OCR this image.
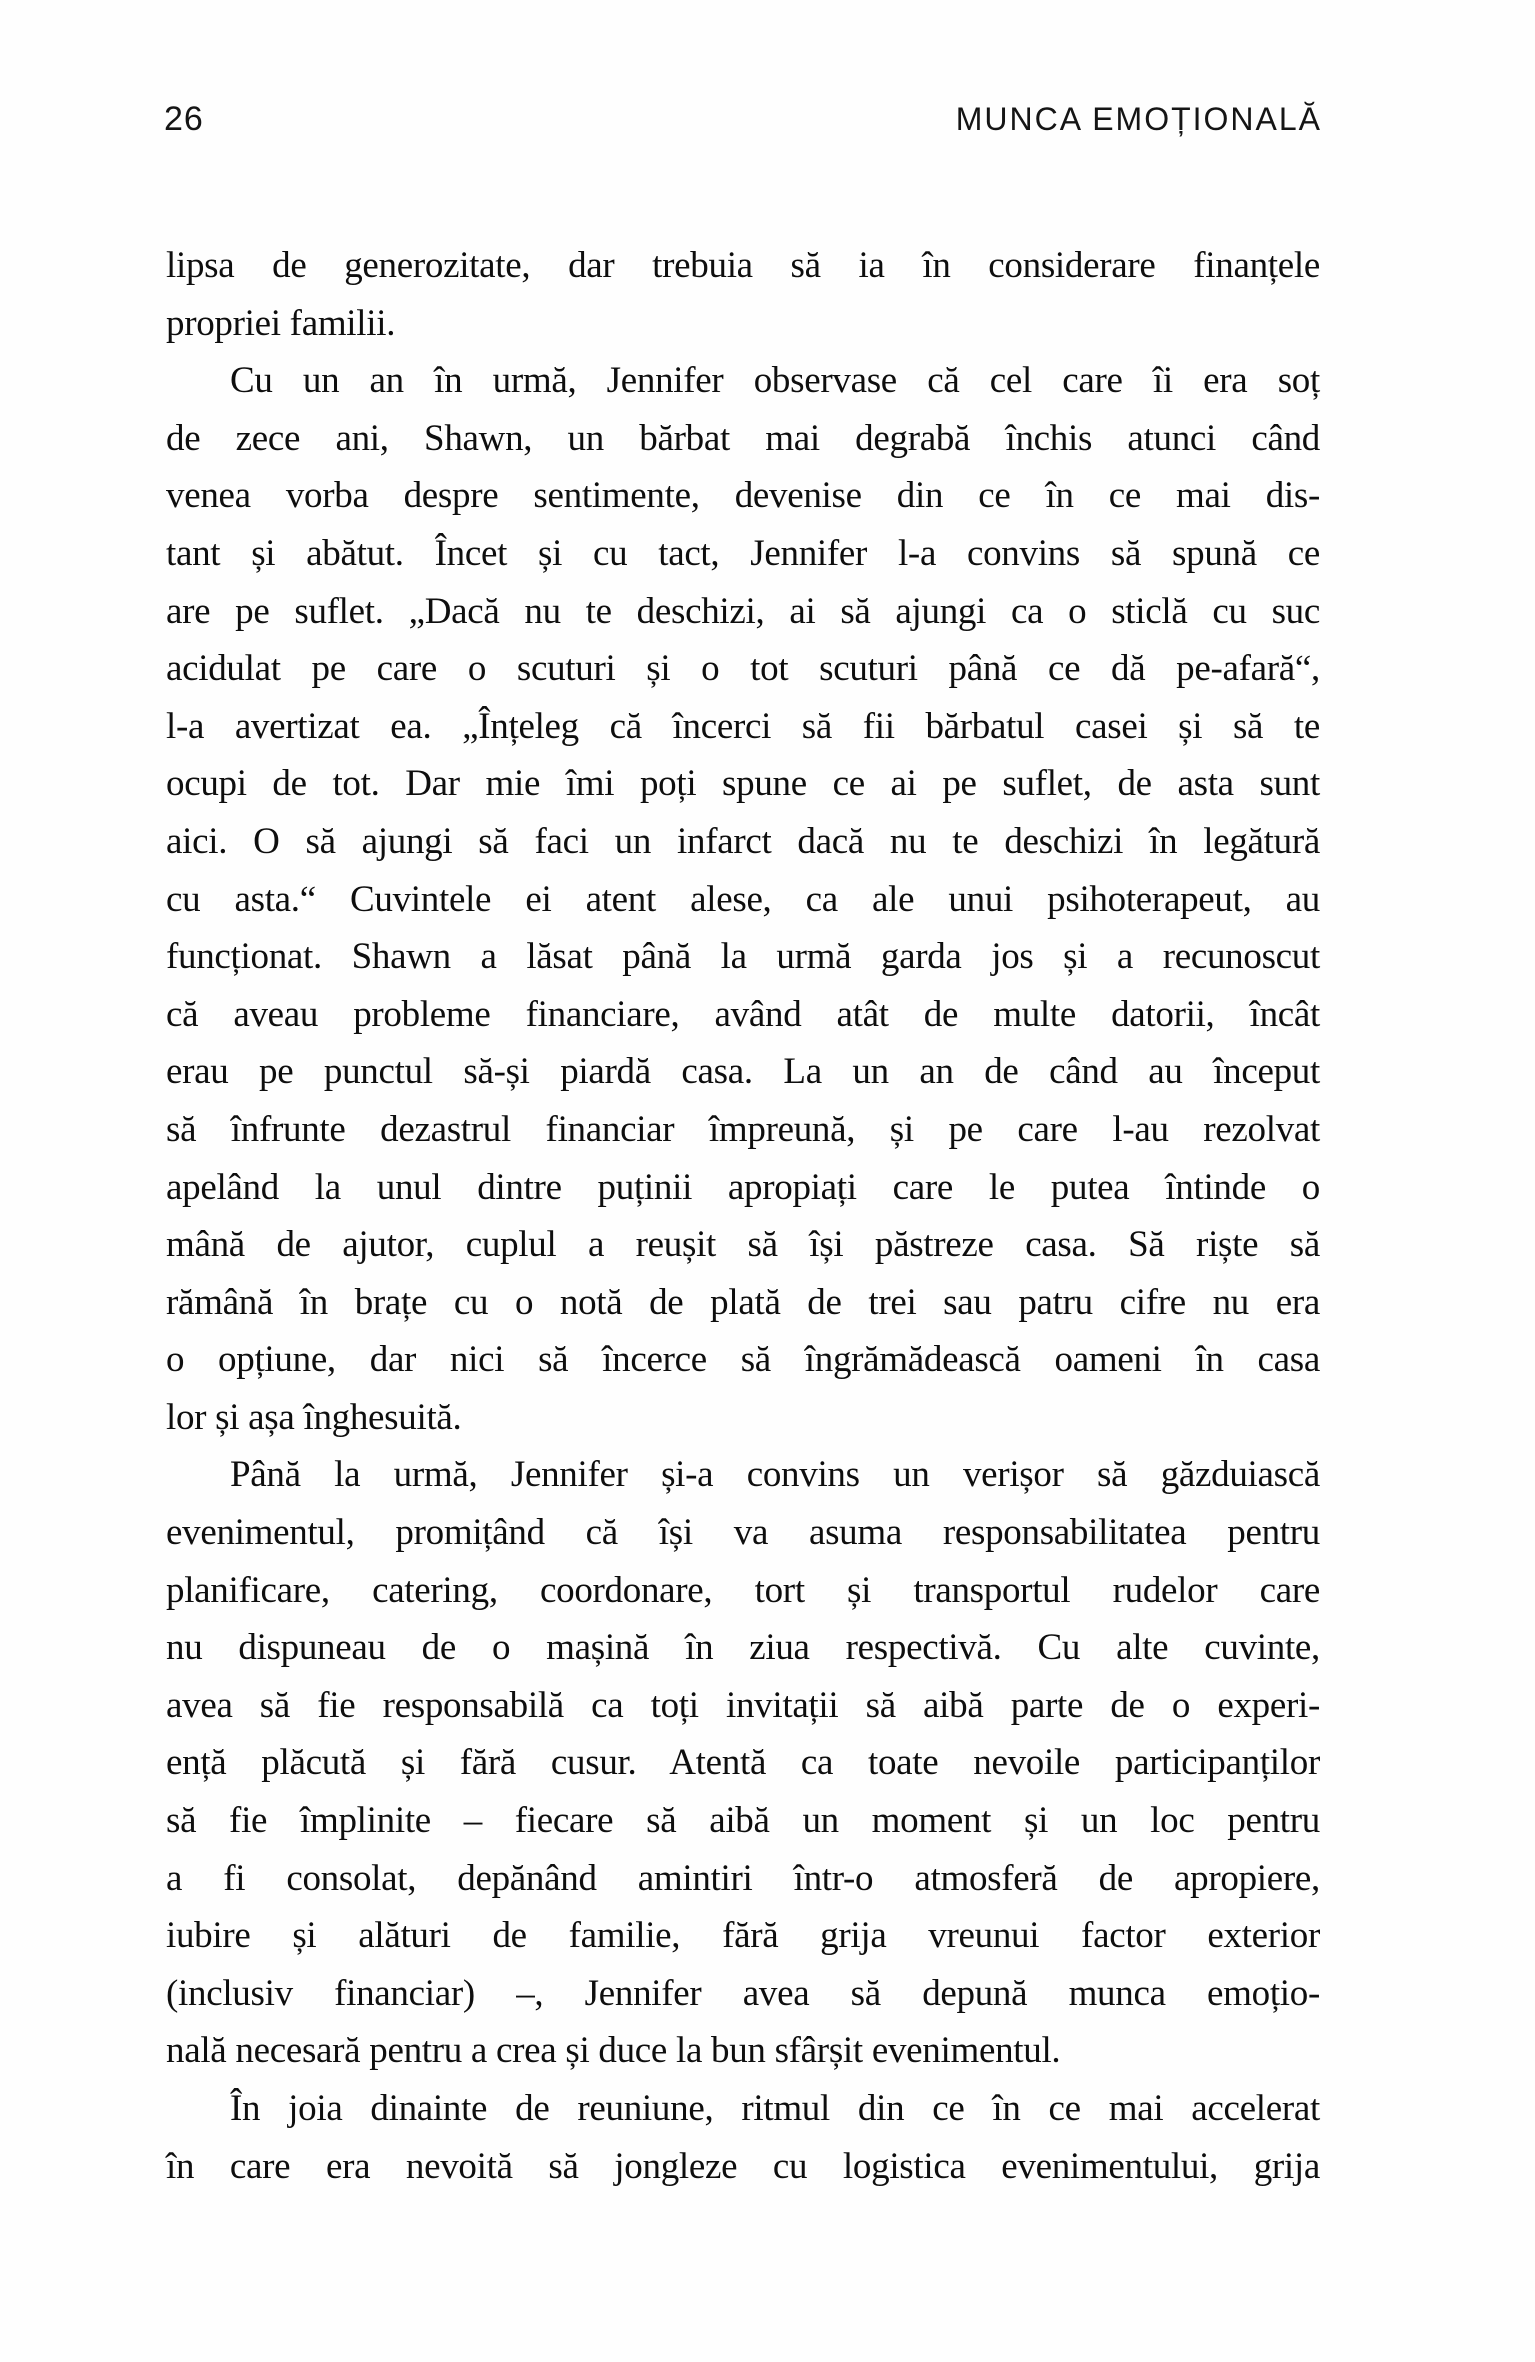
26	MUNCA EMOȚIONALĂ
lipsa de generozitate, dar trebuia să ia în considerare finanțele
propriei familii.
Cu un an în urmă, Jennifer observase că cel care îi era soț
de zece ani, Shawn, un bărbat mai degrabă închis atunci când
venea vorba despre sentimente, devenise din ce în ce mai dis-
tant și abătut. Încet și cu tact, Jennifer l-a convins să spună ce
are pe suflet. „Dacă nu te deschizi, ai să ajungi ca o sticlă cu suc
acidulat pe care o scuturi și o tot scuturi până ce dă pe-afară“,
l-a avertizat ea. „Înțeleg că încerci să fii bărbatul casei și să te
ocupi de tot. Dar mie îmi poți spune ce ai pe suflet, de asta sunt
aici. O să ajungi să faci un infarct dacă nu te deschizi în legătură
cu asta.“ Cuvintele ei atent alese, ca ale unui psihoterapeut, au
funcționat. Shawn a lăsat până la urmă garda jos și a recunoscut
că aveau probleme financiare, având atât de multe datorii, încât
erau pe punctul să-și piardă casa. La un an de când au început
să înfrunte dezastrul financiar împreună, și pe care l-au rezolvat
apelând la unul dintre puținii apropiați care le putea întinde o
mână de ajutor, cuplul a reușit să își păstreze casa. Să riște să
rămână în brațe cu o notă de plată de trei sau patru cifre nu era
o opțiune, dar nici să încerce să îngrămădească oameni în casa
lor și așa înghesuită.
Până la urmă, Jennifer și-a convins un verișor să găzduiască
evenimentul, promițând că își va asuma responsabilitatea pentru
planificare, catering, coordonare, tort și transportul rudelor care
nu dispuneau de o mașină în ziua respectivă. Cu alte cuvinte,
avea să fie responsabilă ca toți invitații să aibă parte de o experi-
ență plăcută și fără cusur. Atentă ca toate nevoile participanților
să fie împlinite – fiecare să aibă un moment și un loc pentru
a fi consolat, depănând amintiri într-o atmosferă de apropiere,
iubire și alături de familie, fără grija vreunui factor exterior
(inclusiv financiar) –, Jennifer avea să depună munca emoțio-
nală necesară pentru a crea și duce la bun sfârșit evenimentul.
În joia dinainte de reuniune, ritmul din ce în ce mai accelerat
în care era nevoită să jongleze cu logistica evenimentului, grija
